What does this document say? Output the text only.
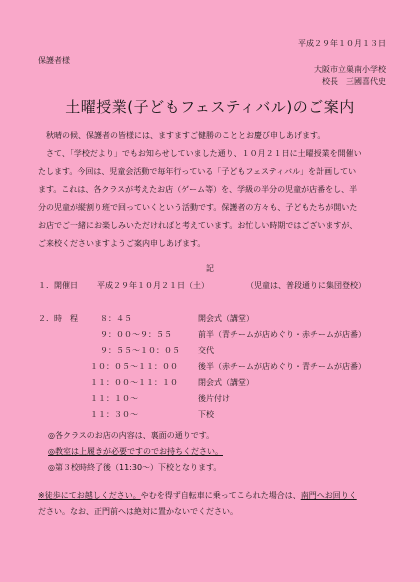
平成２９年１０月１３日
保護者様
大阪市立巣南小学校
校長　三國喜代史
土曜授業(子どもフェスティバル)のご案内
　秋晴の候、保護者の皆様には、ますますご健勝のこととお慶び申しあげます。
　さて、「学校だより」でもお知らせしていました通り、１０月２１日に土曜授業を開催い
たします。今回は、児童会活動で毎年行っている「子どもフェスティバル」を計画してい
ます。これは、各クラスが考えたお店（ゲーム等）を、学級の半分の児童が店番をし、半
分の児童が縦割り班で回っていくという活動です。保護者の方々も、子どもたちが開いた
お店でご一緒にお楽しみいただければと考えています。お忙しい時期ではございますが、
ご来校くださいますようご案内申しあげます。
記
１．開催日 平成２９年１０月２１日（土）	（児童は、普段通りに集団登校）
２．時　程	８：４５	開会式（講堂）
９：００～９：５５	前半（青チームが店めぐり・赤チームが店番）
９：５５～１０：０５ 交代
１０：０５～１１：００	後半（赤チームが店めぐり・青チームが店番）
１１：００～１１：１０	閉会式（講堂）
１１：１０～	後片付け
１１：３０～	下校
◎各クラスのお店の内容は、裏面の通りです。
◎教室は上履きが必要ですのでお持ちください。
◎第３校時終了後（11:30～）下校となります。
※徒歩にてお越しください。やむを得ず自転車に乗ってこられた場合は、南門へお回りく
ださい。なお、正門前へは絶対に置かないでください。
